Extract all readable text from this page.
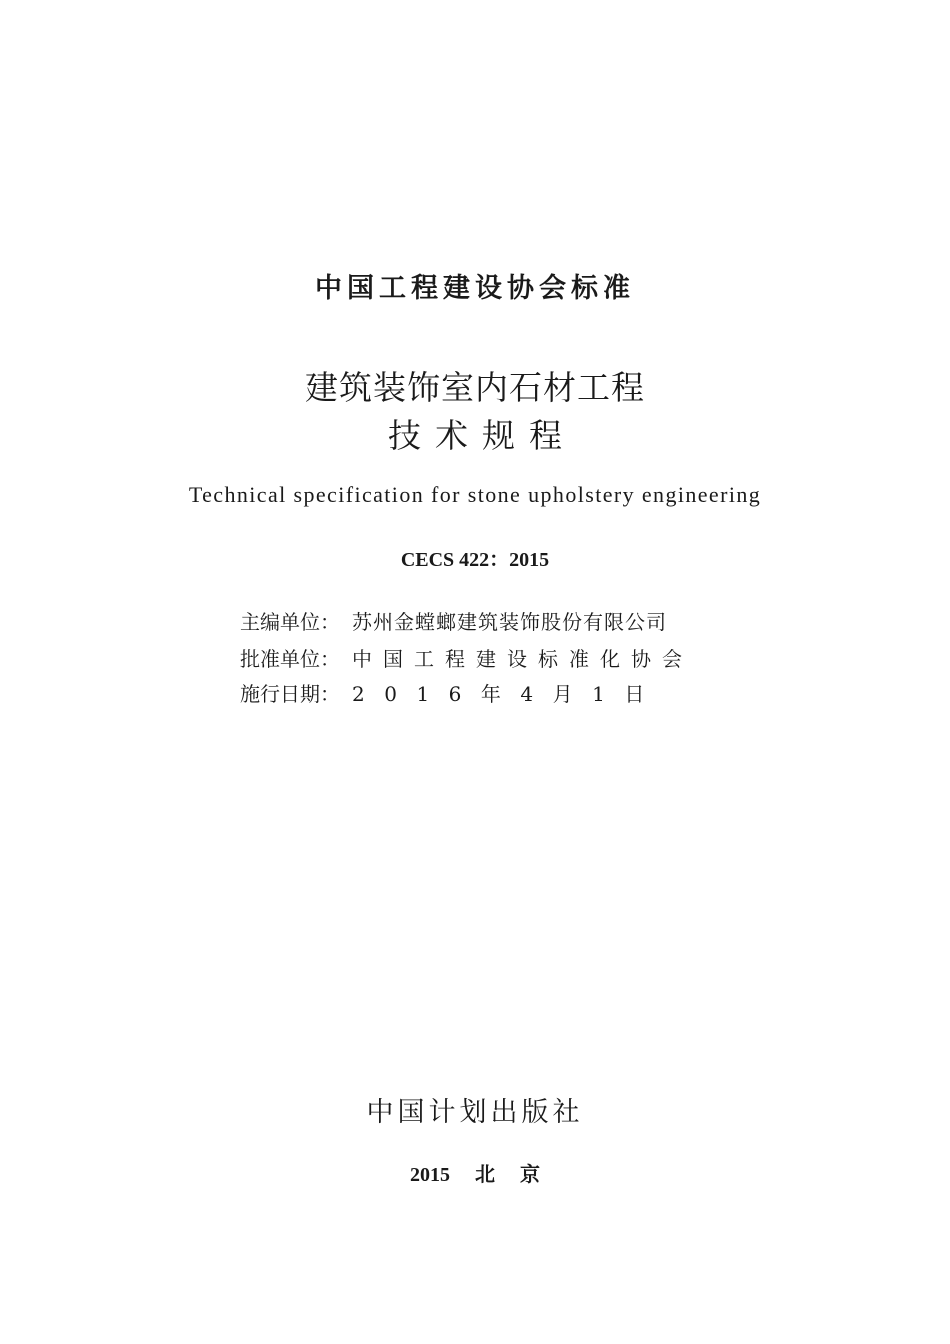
中国工程建设协会标准
建筑装饰室内石材工程
技术规程
Technical specification for stone upholstery engineering
CECS 422：2015
主编单位： 苏州金螳螂建筑装饰股份有限公司
批准单位： 中国工程建设标准化协会
施行日期： 2016年4月1日
中国计划出版社
2015 北 京
